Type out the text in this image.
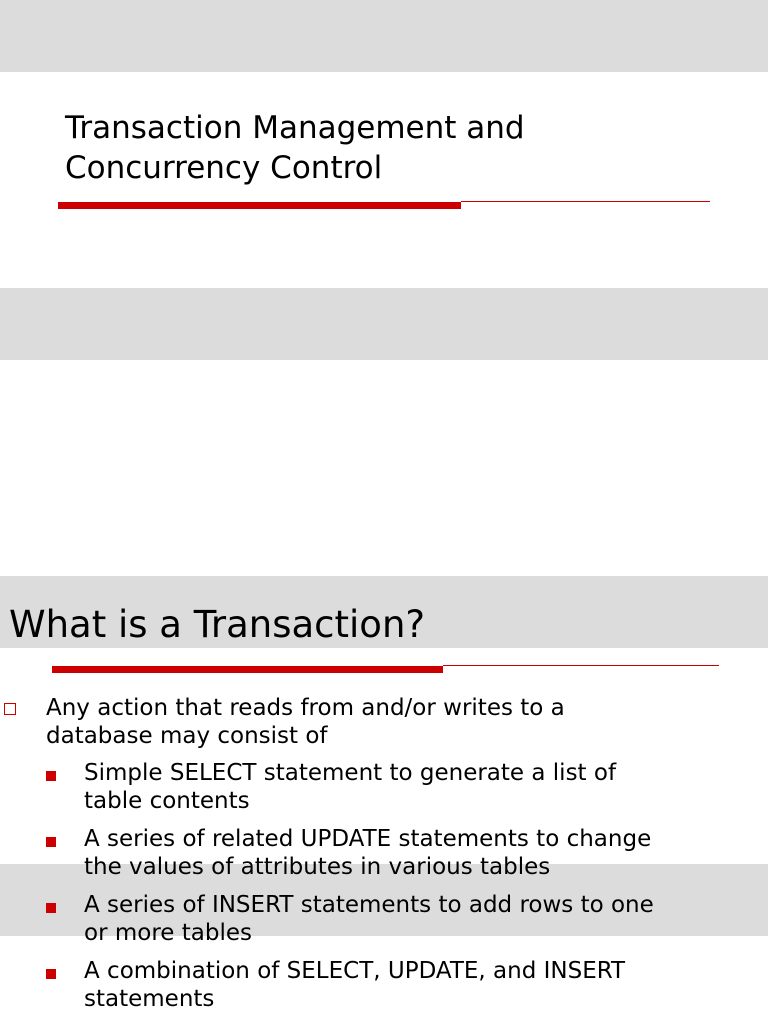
Transaction Management and
Concurrency Control
What is a Transaction?
Any action that reads from and/or writes to a
database may consist of
Simple SELECT statement to generate a list of
table contents
A series of related UPDATE statements to change
the values of attributes in various tables
A series of INSERT statements to add rows to one
or more tables
A combination of SELECT, UPDATE, and INSERT
statements
